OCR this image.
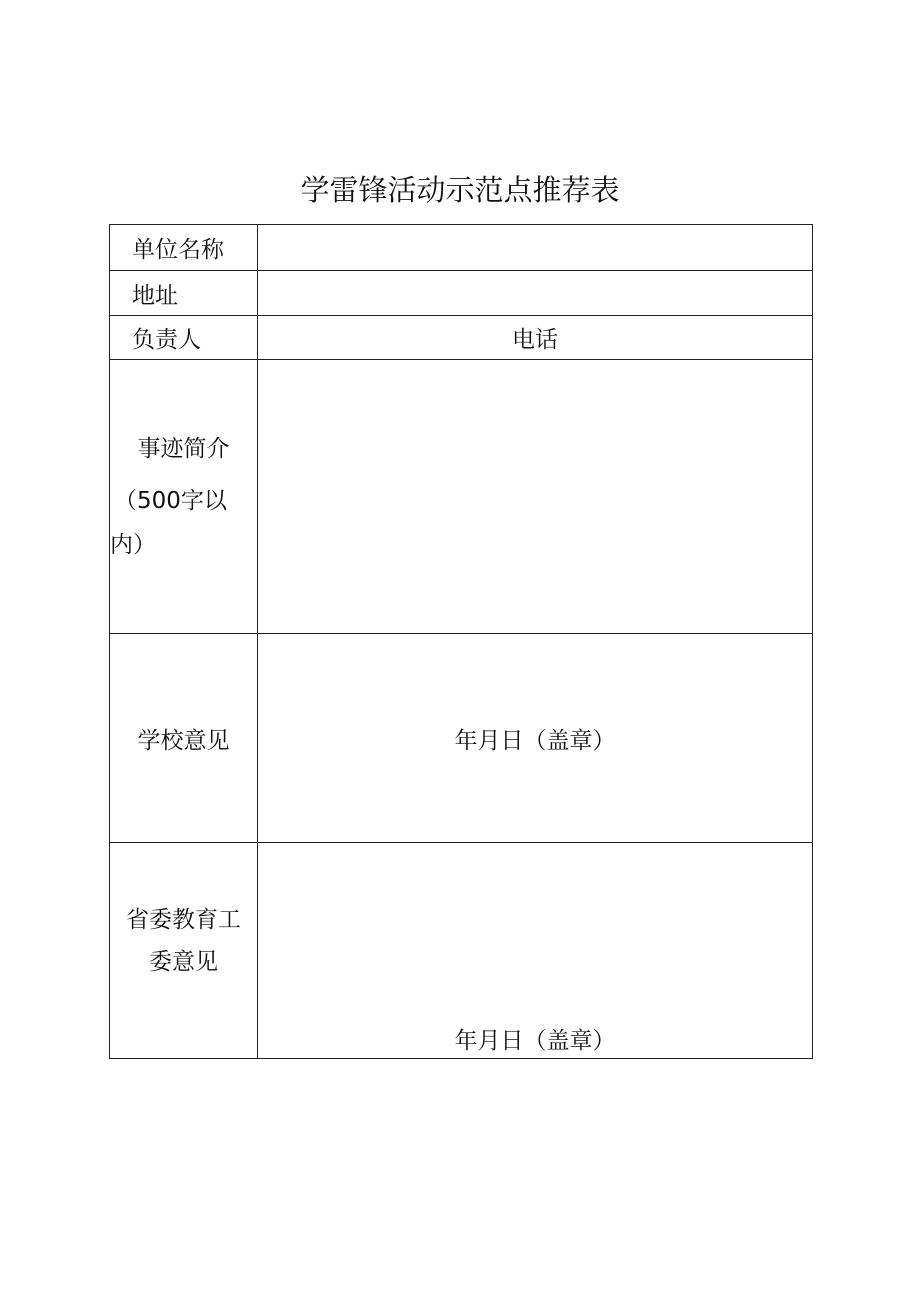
学雷锋活动示范点推荐表
单位名称	
地址	
负责人	电话

事迹简介
（500字以
内）	

学校意见	年月日（盖章）

省委教育工
委意见	年月日（盖章）
